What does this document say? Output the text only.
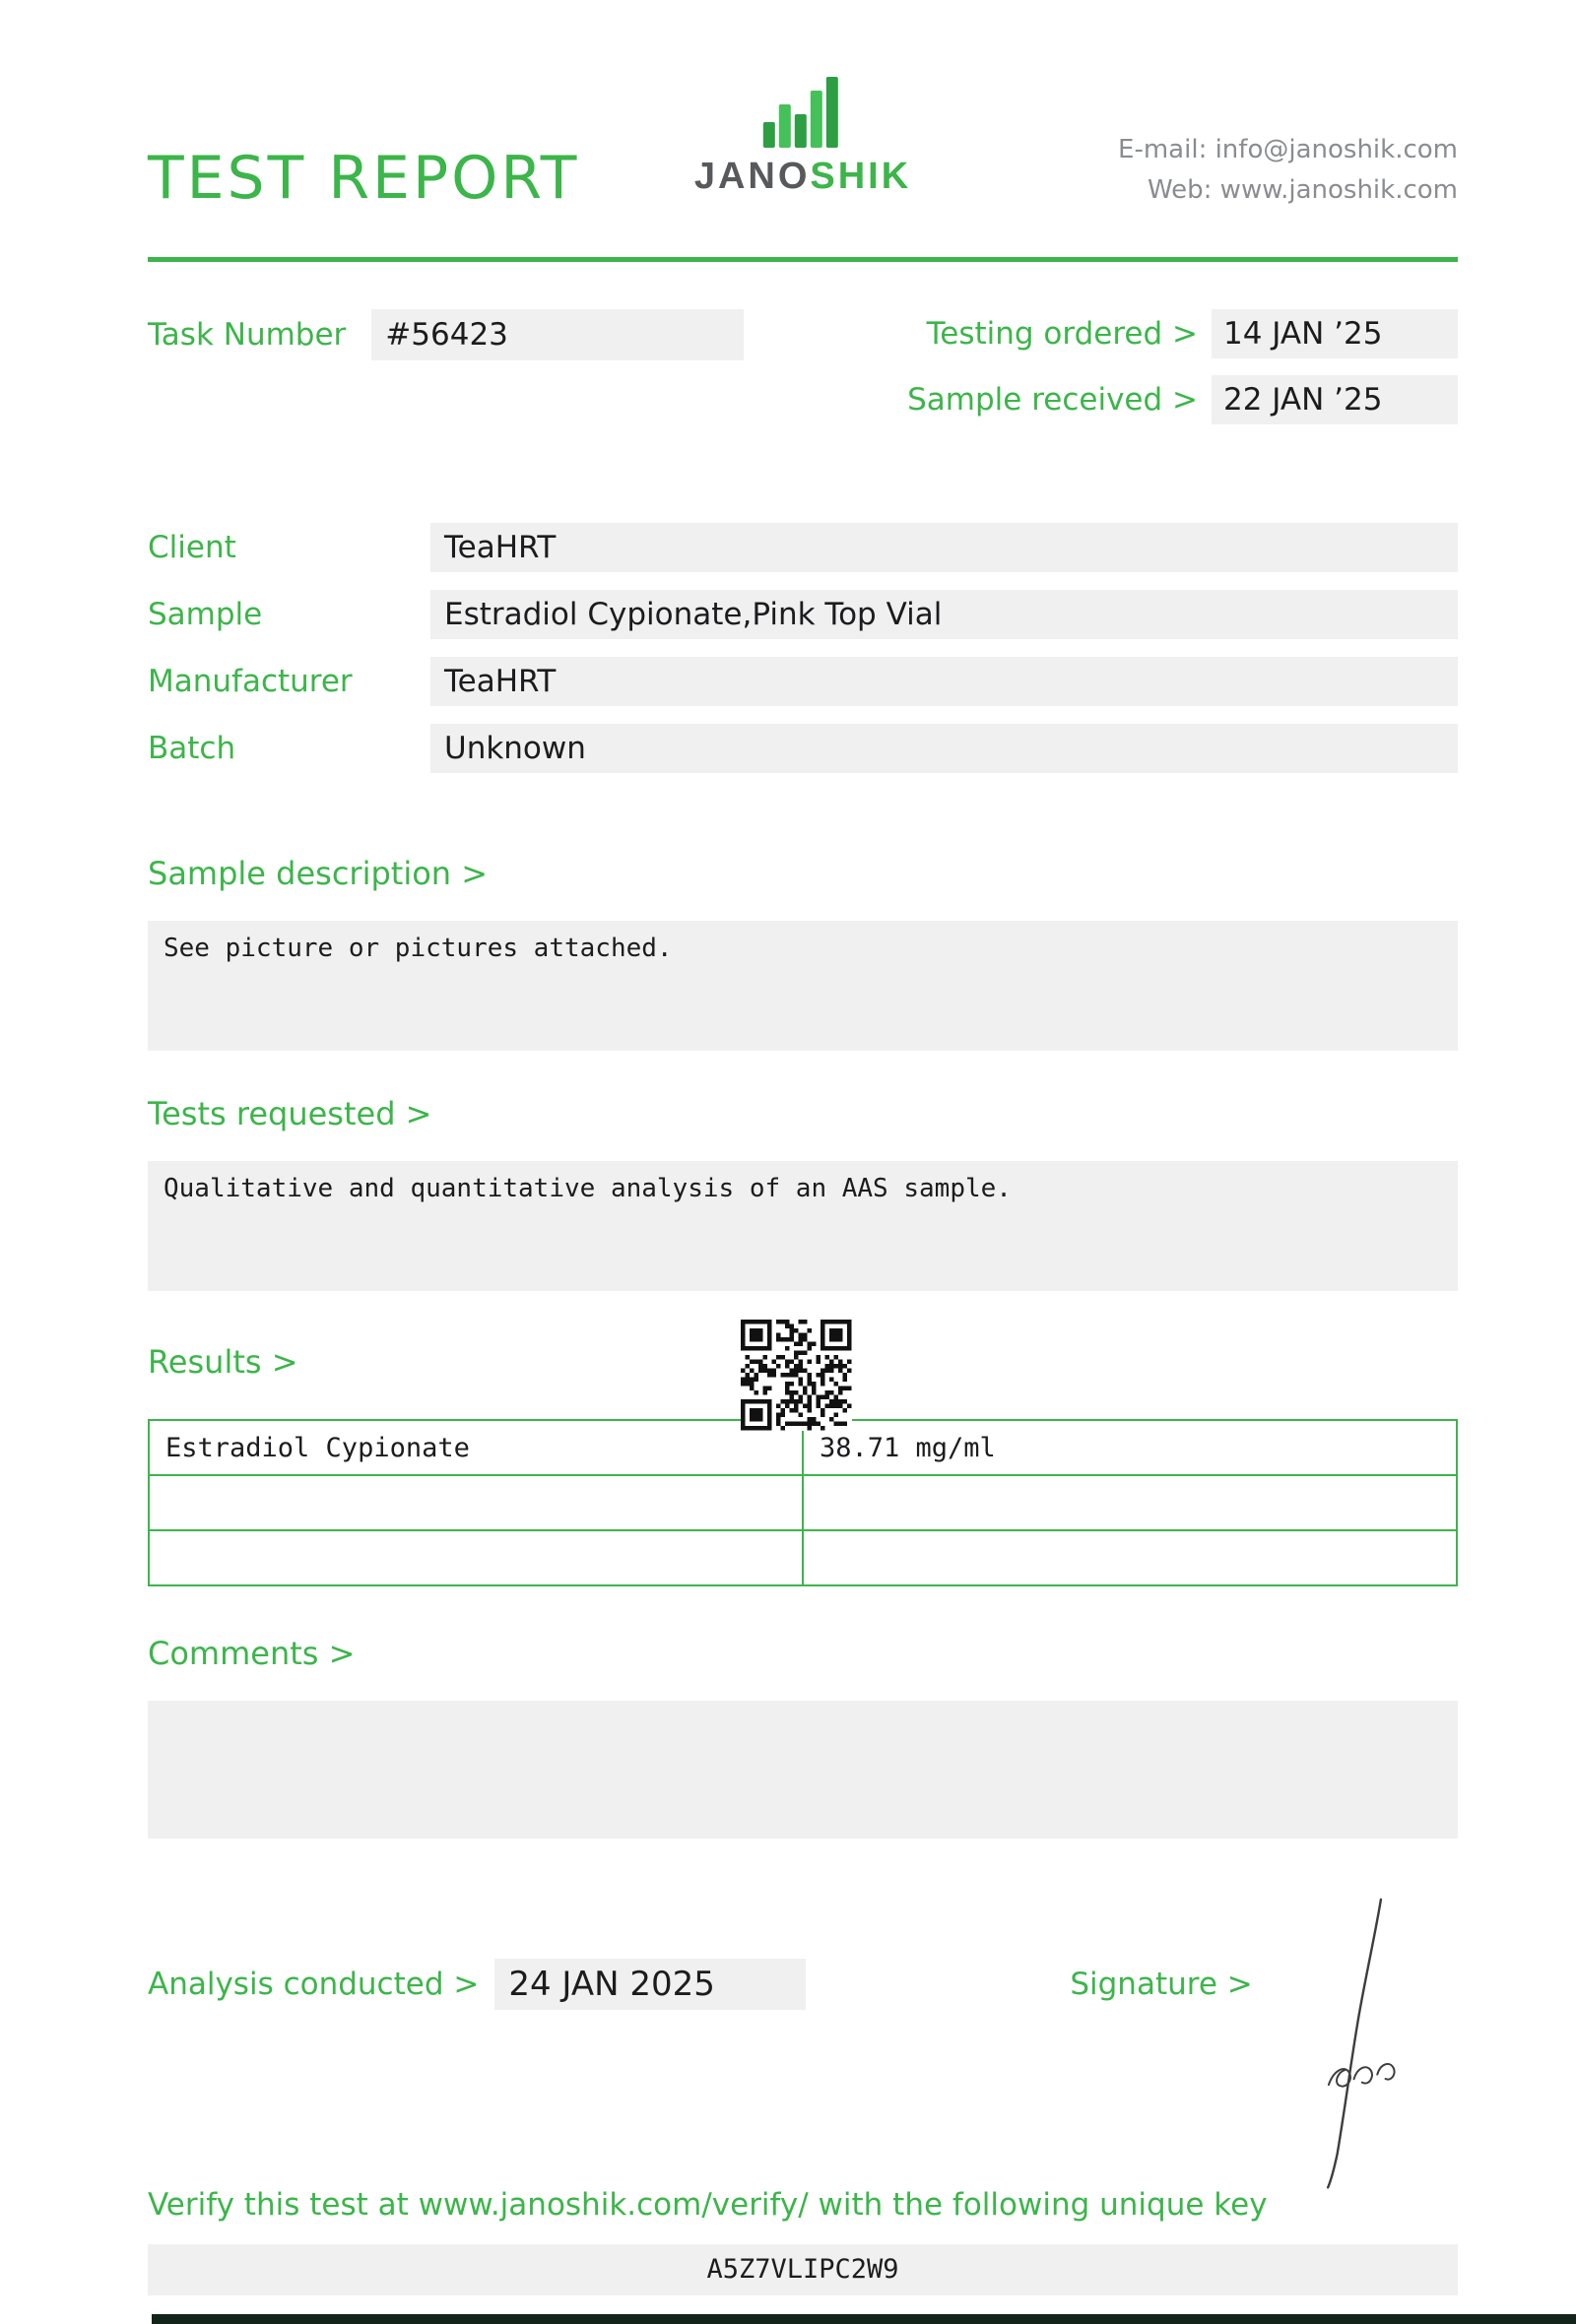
TEST REPORT	JANOSHIK
E-mail: info@janoshik.com
Web: www.janoshik.com
Task Number	#56423	Testing ordered > 14 JAN ’25
Sample received > 22 JAN ’25
Client	TeaHRT
Sample	Estradiol Cypionate,Pink Top Vial
Manufacturer	TeaHRT
Batch	Unknown
Sample description >
See picture or pictures attached.
Tests requested >
Qualitative and quantitative analysis of an AAS sample.
Results >
Estradiol Cypionate	38.71 mg/ml

Comments >
Analysis conducted > 24 JAN 2025	Signature >
Verify this test at www.janoshik.com/verify/ with the following unique key
A5Z7VLIPC2W9
